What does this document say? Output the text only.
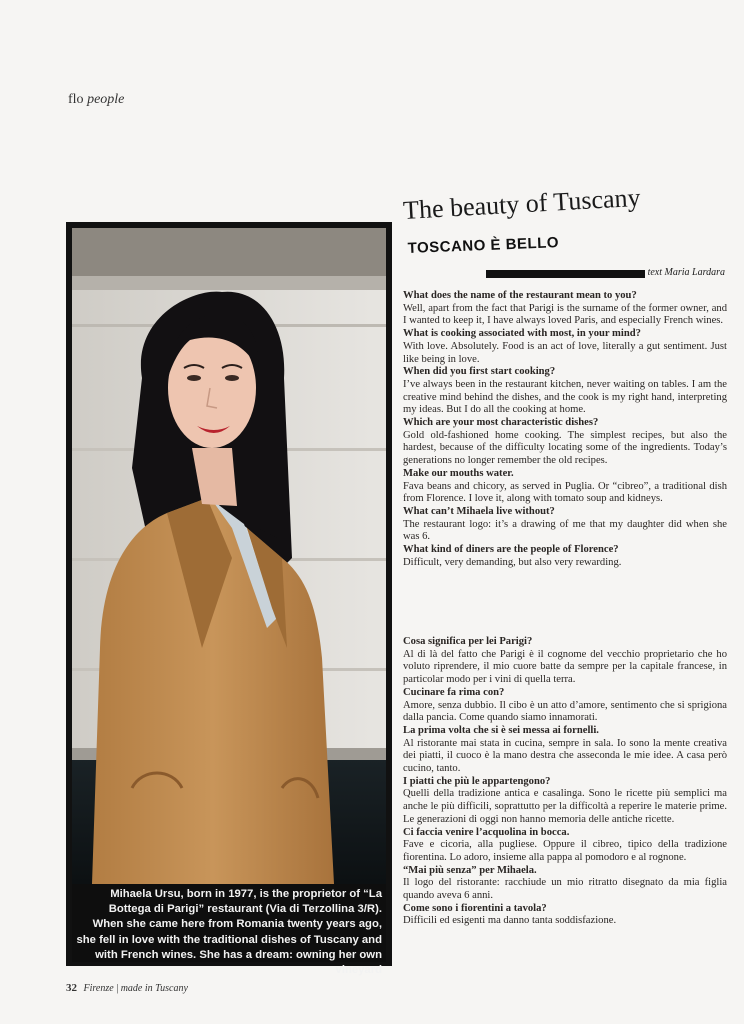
flo people
Mihaela Ursu, born in 1977, is the proprietor of “La Bottega di Parigi” restaurant (Via di Terzollina 3/R). When she came here from Romania twenty years ago, she fell in love with the traditional dishes of Tuscany and with French wines. She has a dream: owning her own vineyard
The beauty of Tuscany
TOSCANO È BELLO
text Maria Lardara

What does the name of the restaurant mean to you?

Well, apart from the fact that Parigi is the surname of the former owner, and I wanted to keep it, I have always loved Paris, and especially French wines.

What is cooking associated with most, in your mind?

With love. Absolutely. Food is an act of love, literally a gut sentiment. Just like being in love.

When did you first start cooking?

I’ve always been in the restaurant kitchen, never waiting on tables. I am the creative mind behind the dishes, and the cook is my right hand, interpreting my ideas. But I do all the cooking at home.

Which are your most characteristic dishes?

Gold old-fashioned home cooking. The simplest recipes, but also the hardest, because of the difficulty locating some of the ingredients. Today’s generations no longer remember the old recipes.

Make our mouths water.

Fava beans and chicory, as served in Puglia. Or “cibreo”, a traditional dish from Florence. I love it, along with tomato soup and kidneys.

What can’t Mihaela live without?

The restaurant logo: it’s a drawing of me that my daughter did when she was 6.

What kind of diners are the people of Florence?

Difficult, very demanding, but also very rewarding.

Cosa significa per lei Parigi?

Al di là del fatto che Parigi è il cognome del vecchio proprietario che ho voluto riprendere, il mio cuore batte da sempre per la capitale francese, in particolar modo per i vini di quella terra.

Cucinare fa rima con?

Amore, senza dubbio. Il cibo è un atto d’amore, sentimento che si sprigiona dalla pancia. Come quando siamo innamorati.

La prima volta che si è sei messa ai fornelli.

Al ristorante mai stata in cucina, sempre in sala. Io sono la mente creativa dei piatti, il cuoco è la mano destra che asseconda le mie idee. A casa però cucino, tanto.

I piatti che più le appartengono?

Quelli della tradizione antica e casalinga. Sono le ricette più semplici ma anche le più difficili, soprattutto per la difficoltà a reperire le materie prime. Le generazioni di oggi non hanno memoria delle antiche ricette.

Ci faccia venire l’acquolina in bocca.

Fave e cicoria, alla pugliese. Oppure il cibreo, tipico della tradizione fiorentina. Lo adoro, insieme alla pappa al pomodoro e al rognone.

“Mai più senza” per Mihaela.

Il logo del ristorante: racchiude un mio ritratto disegnato da mia figlia quando aveva 6 anni.

Come sono i fiorentini a tavola?

Difficili ed esigenti ma danno tanta soddisfazione.

32 Firenze | made in Tuscany
